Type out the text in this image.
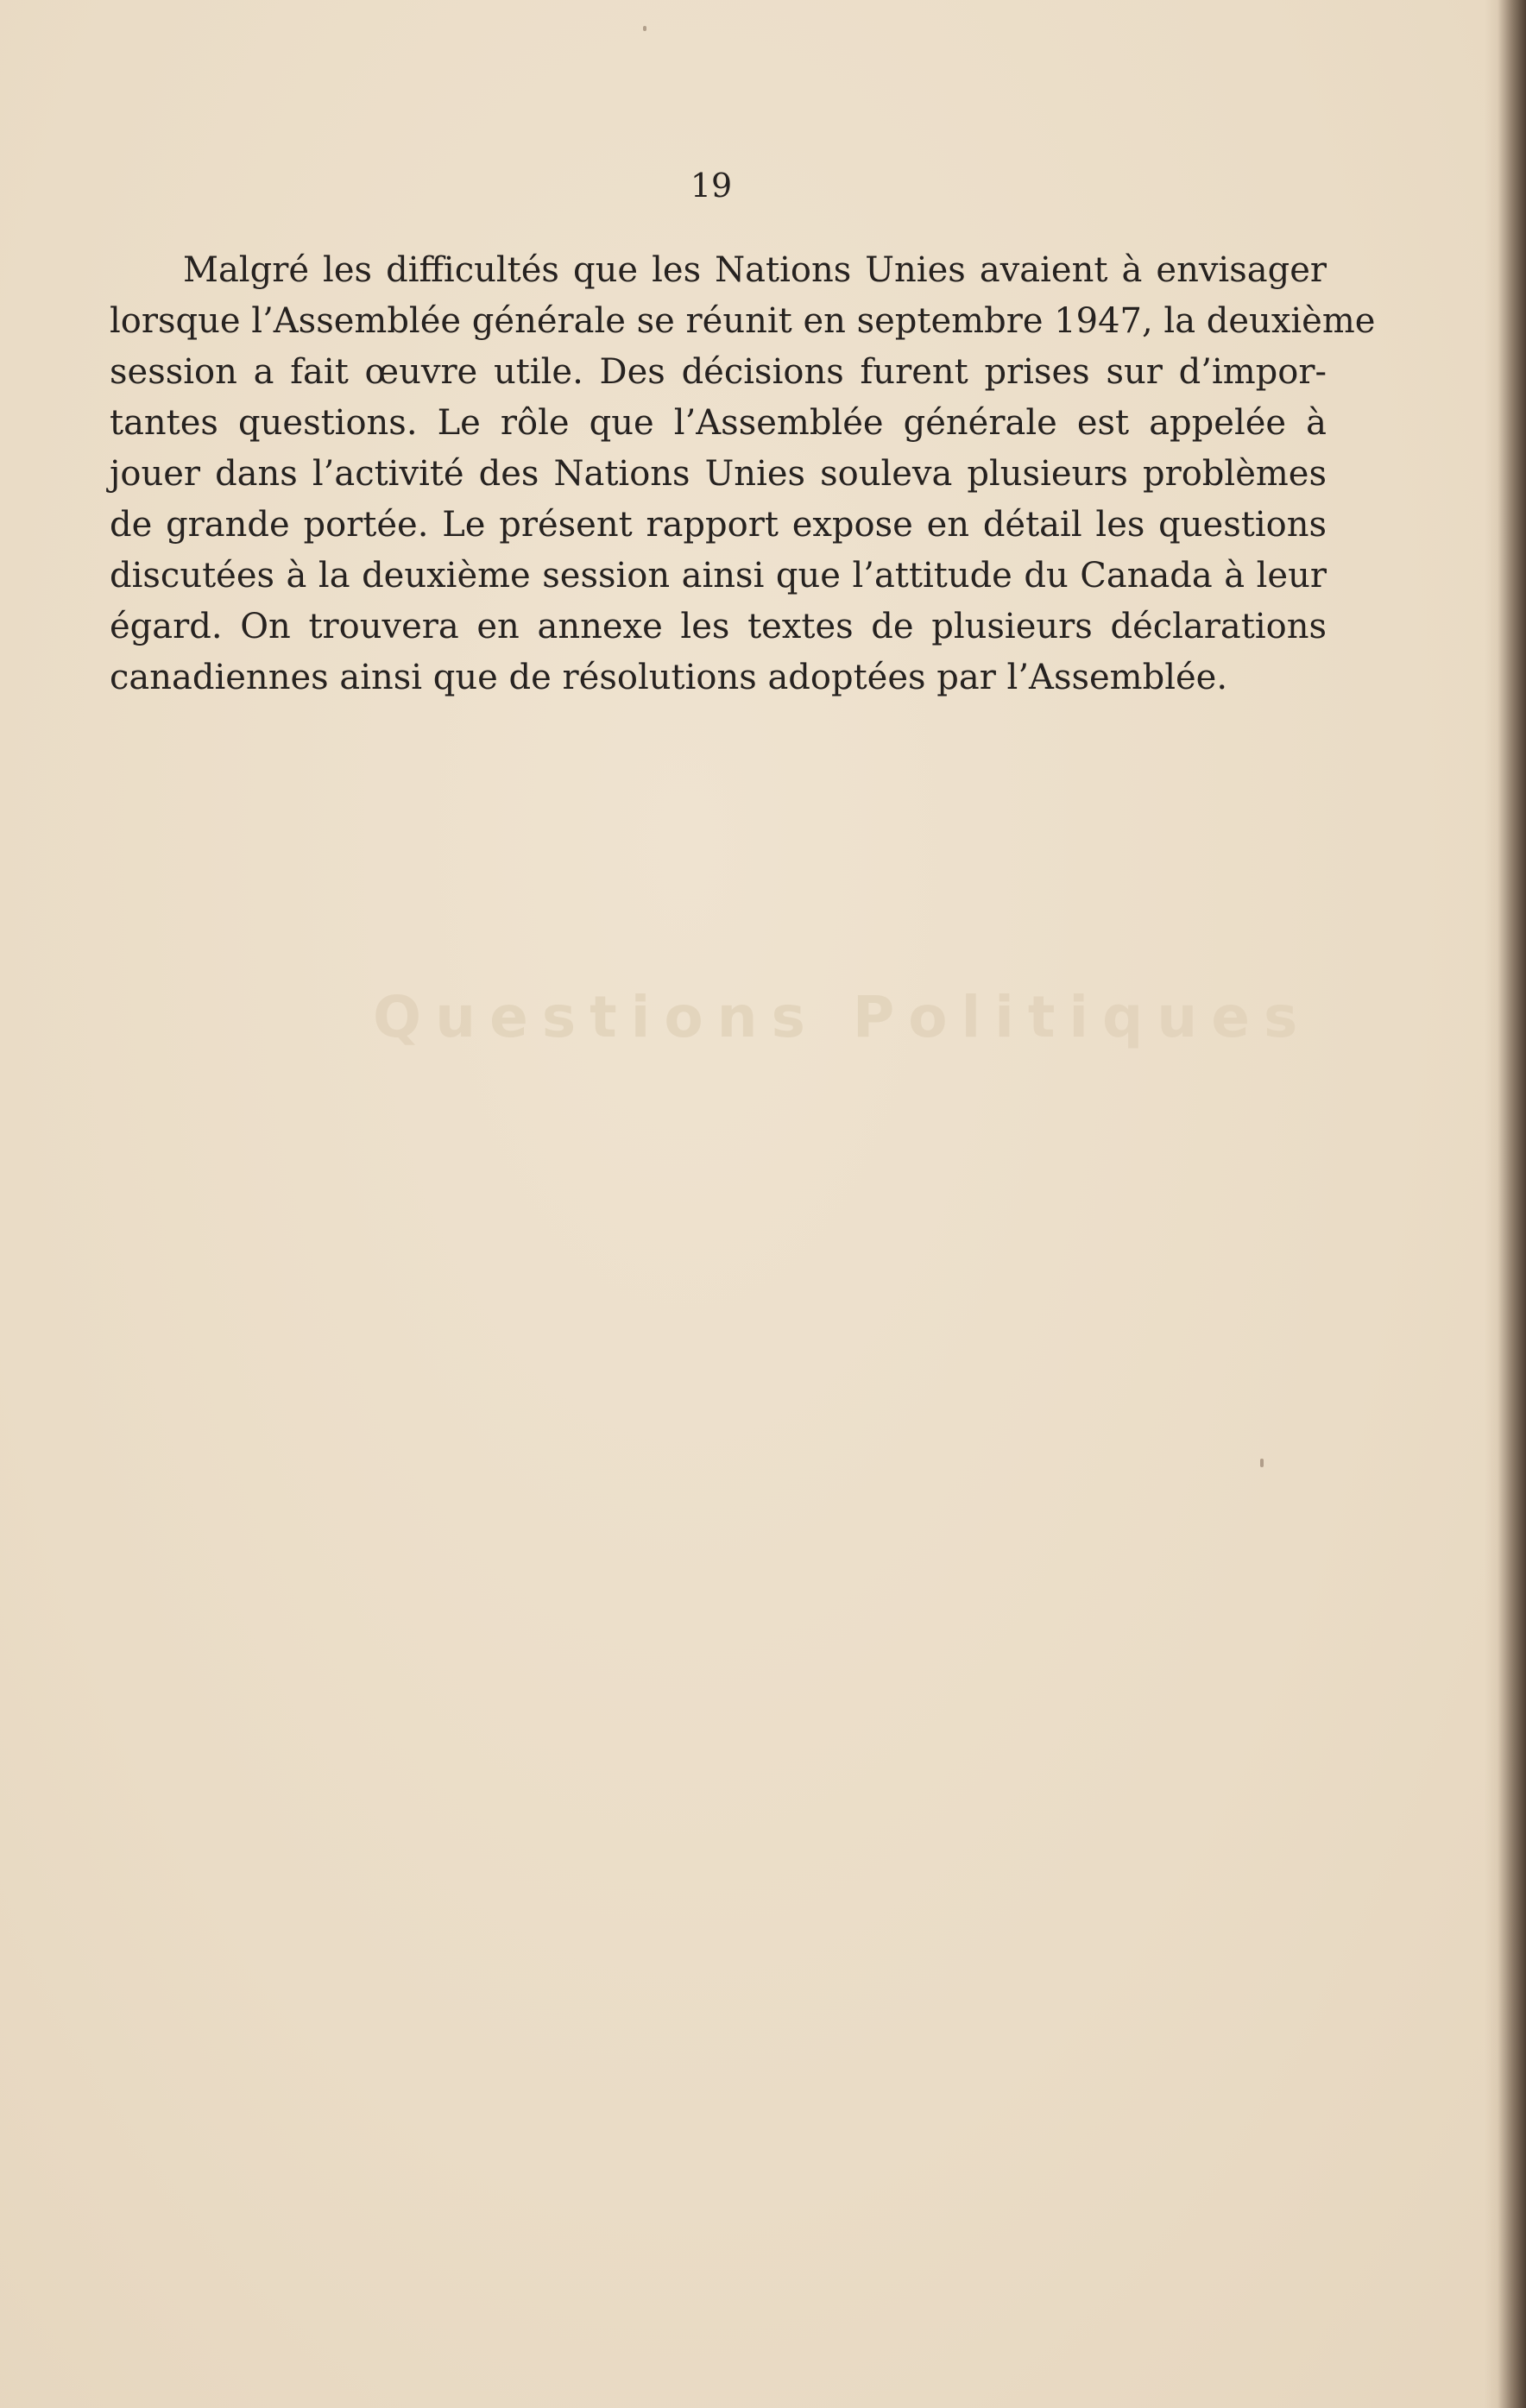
19
Malgré les difficultés que les Nations Unies avaient à envisager
lorsque l’Assemblée générale se réunit en septembre 1947, la deuxième
session a fait œuvre utile. Des décisions furent prises sur d’impor-
tantes questions. Le rôle que l’Assemblée générale est appelée à
jouer dans l’activité des Nations Unies souleva plusieurs problèmes
de grande portée. Le présent rapport expose en détail les questions
discutées à la deuxième session ainsi que l’attitude du Canada à leur
égard. On trouvera en annexe les textes de plusieurs déclarations
canadiennes ainsi que de résolutions adoptées par l’Assemblée.
Questions Politiques
